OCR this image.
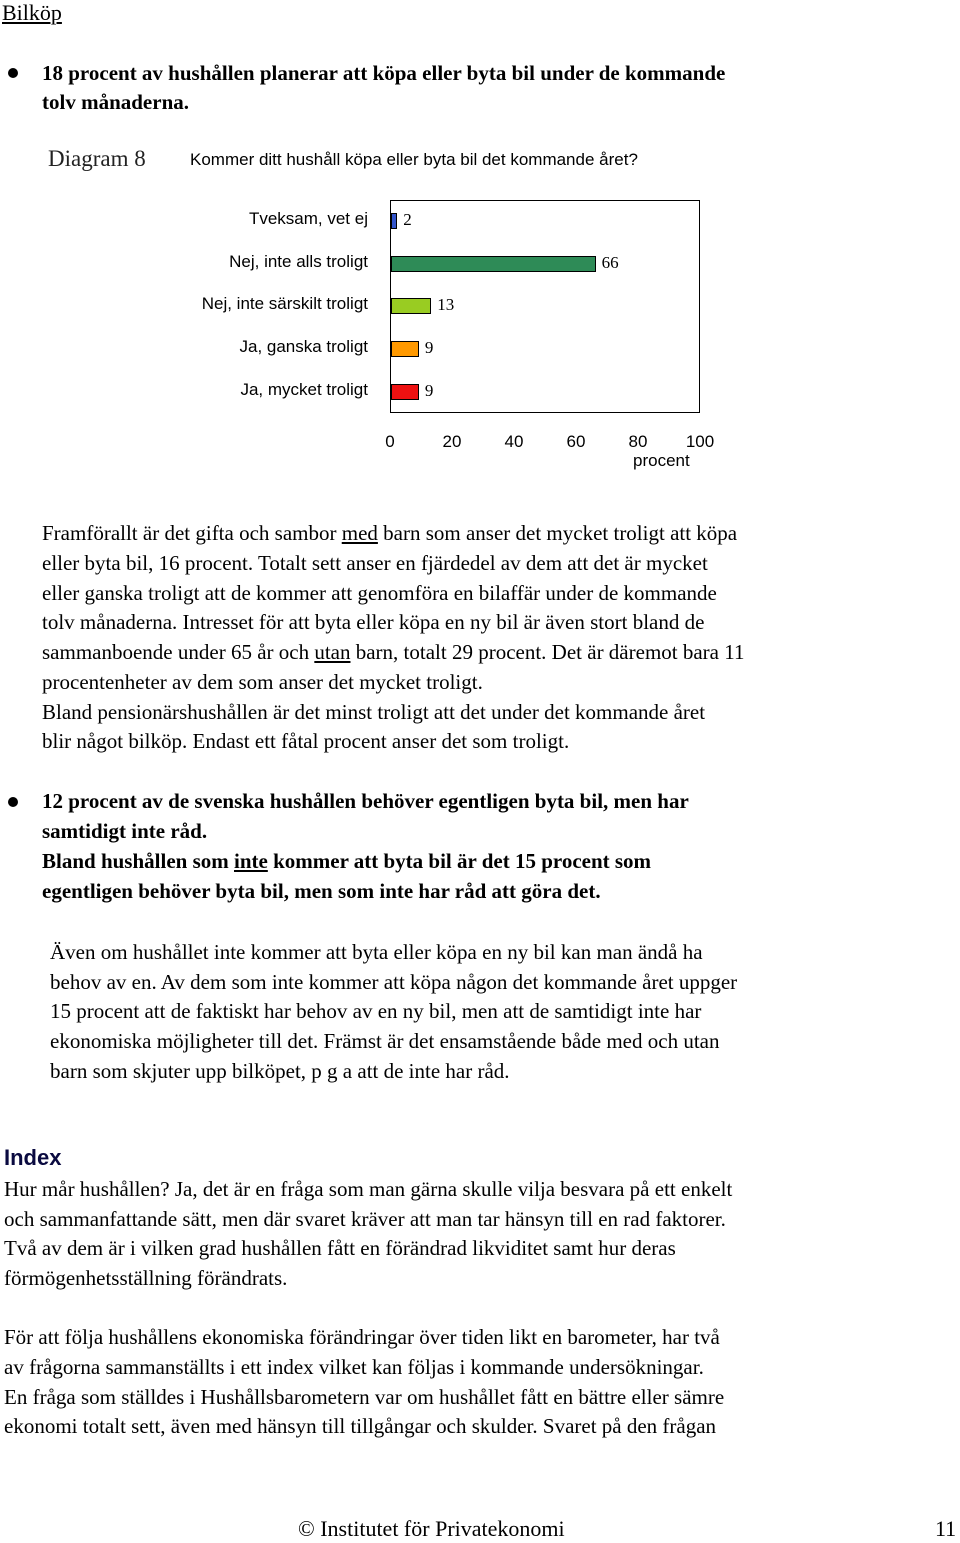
Bilköp
18 procent av hushållen planerar att köpa eller byta bil under de kommande
tolv månaderna.
Diagram 8	Kommer ditt hushåll köpa eller byta bil det kommande året?
Tveksam, vet ej
Nej, inte alls troligt
Nej, inte särskilt troligt
Ja, ganska troligt
Ja, mycket troligt
2
66
13
9
9
0	20	40	60	80	100
procent
Framförallt är det gifta och sambor med barn som anser det mycket troligt att köpa
eller byta bil, 16 procent. Totalt sett anser en fjärdedel av dem att det är mycket
eller ganska troligt att de kommer att genomföra en bilaffär under de kommande
tolv månaderna. Intresset för att byta eller köpa en ny bil är även stort bland de
sammanboende under 65 år och utan barn, totalt 29 procent. Det är däremot bara 11
procentenheter av dem som anser det mycket troligt.
Bland pensionärshushållen är det minst troligt att det under det kommande året
blir något bilköp. Endast ett fåtal procent anser det som troligt.
12 procent av de svenska hushållen behöver egentligen byta bil, men har
samtidigt inte råd.
Bland hushållen som inte kommer att byta bil är det 15 procent som
egentligen behöver byta bil, men som inte har råd att göra det.
Även om hushållet inte kommer att byta eller köpa en ny bil kan man ändå ha
behov av en. Av dem som inte kommer att köpa någon det kommande året uppger
15 procent att de faktiskt har behov av en ny bil, men att de samtidigt inte har
ekonomiska möjligheter till det. Främst är det ensamstående både med och utan
barn som skjuter upp bilköpet, p g a att de inte har råd.
Index
Hur mår hushållen? Ja, det är en fråga som man gärna skulle vilja besvara på ett enkelt
och sammanfattande sätt, men där svaret kräver att man tar hänsyn till en rad faktorer.
Två av dem är i vilken grad hushållen fått en förändrad likviditet samt hur deras
förmögenhetsställning förändrats.
För att följa hushållens ekonomiska förändringar över tiden likt en barometer, har två
av frågorna sammanställts i ett index vilket kan följas i kommande undersökningar.
En fråga som ställdes i Hushållsbarometern var om hushållet fått en bättre eller sämre
ekonomi totalt sett, även med hänsyn till tillgångar och skulder. Svaret på den frågan
© Institutet för Privatekonomi	11
